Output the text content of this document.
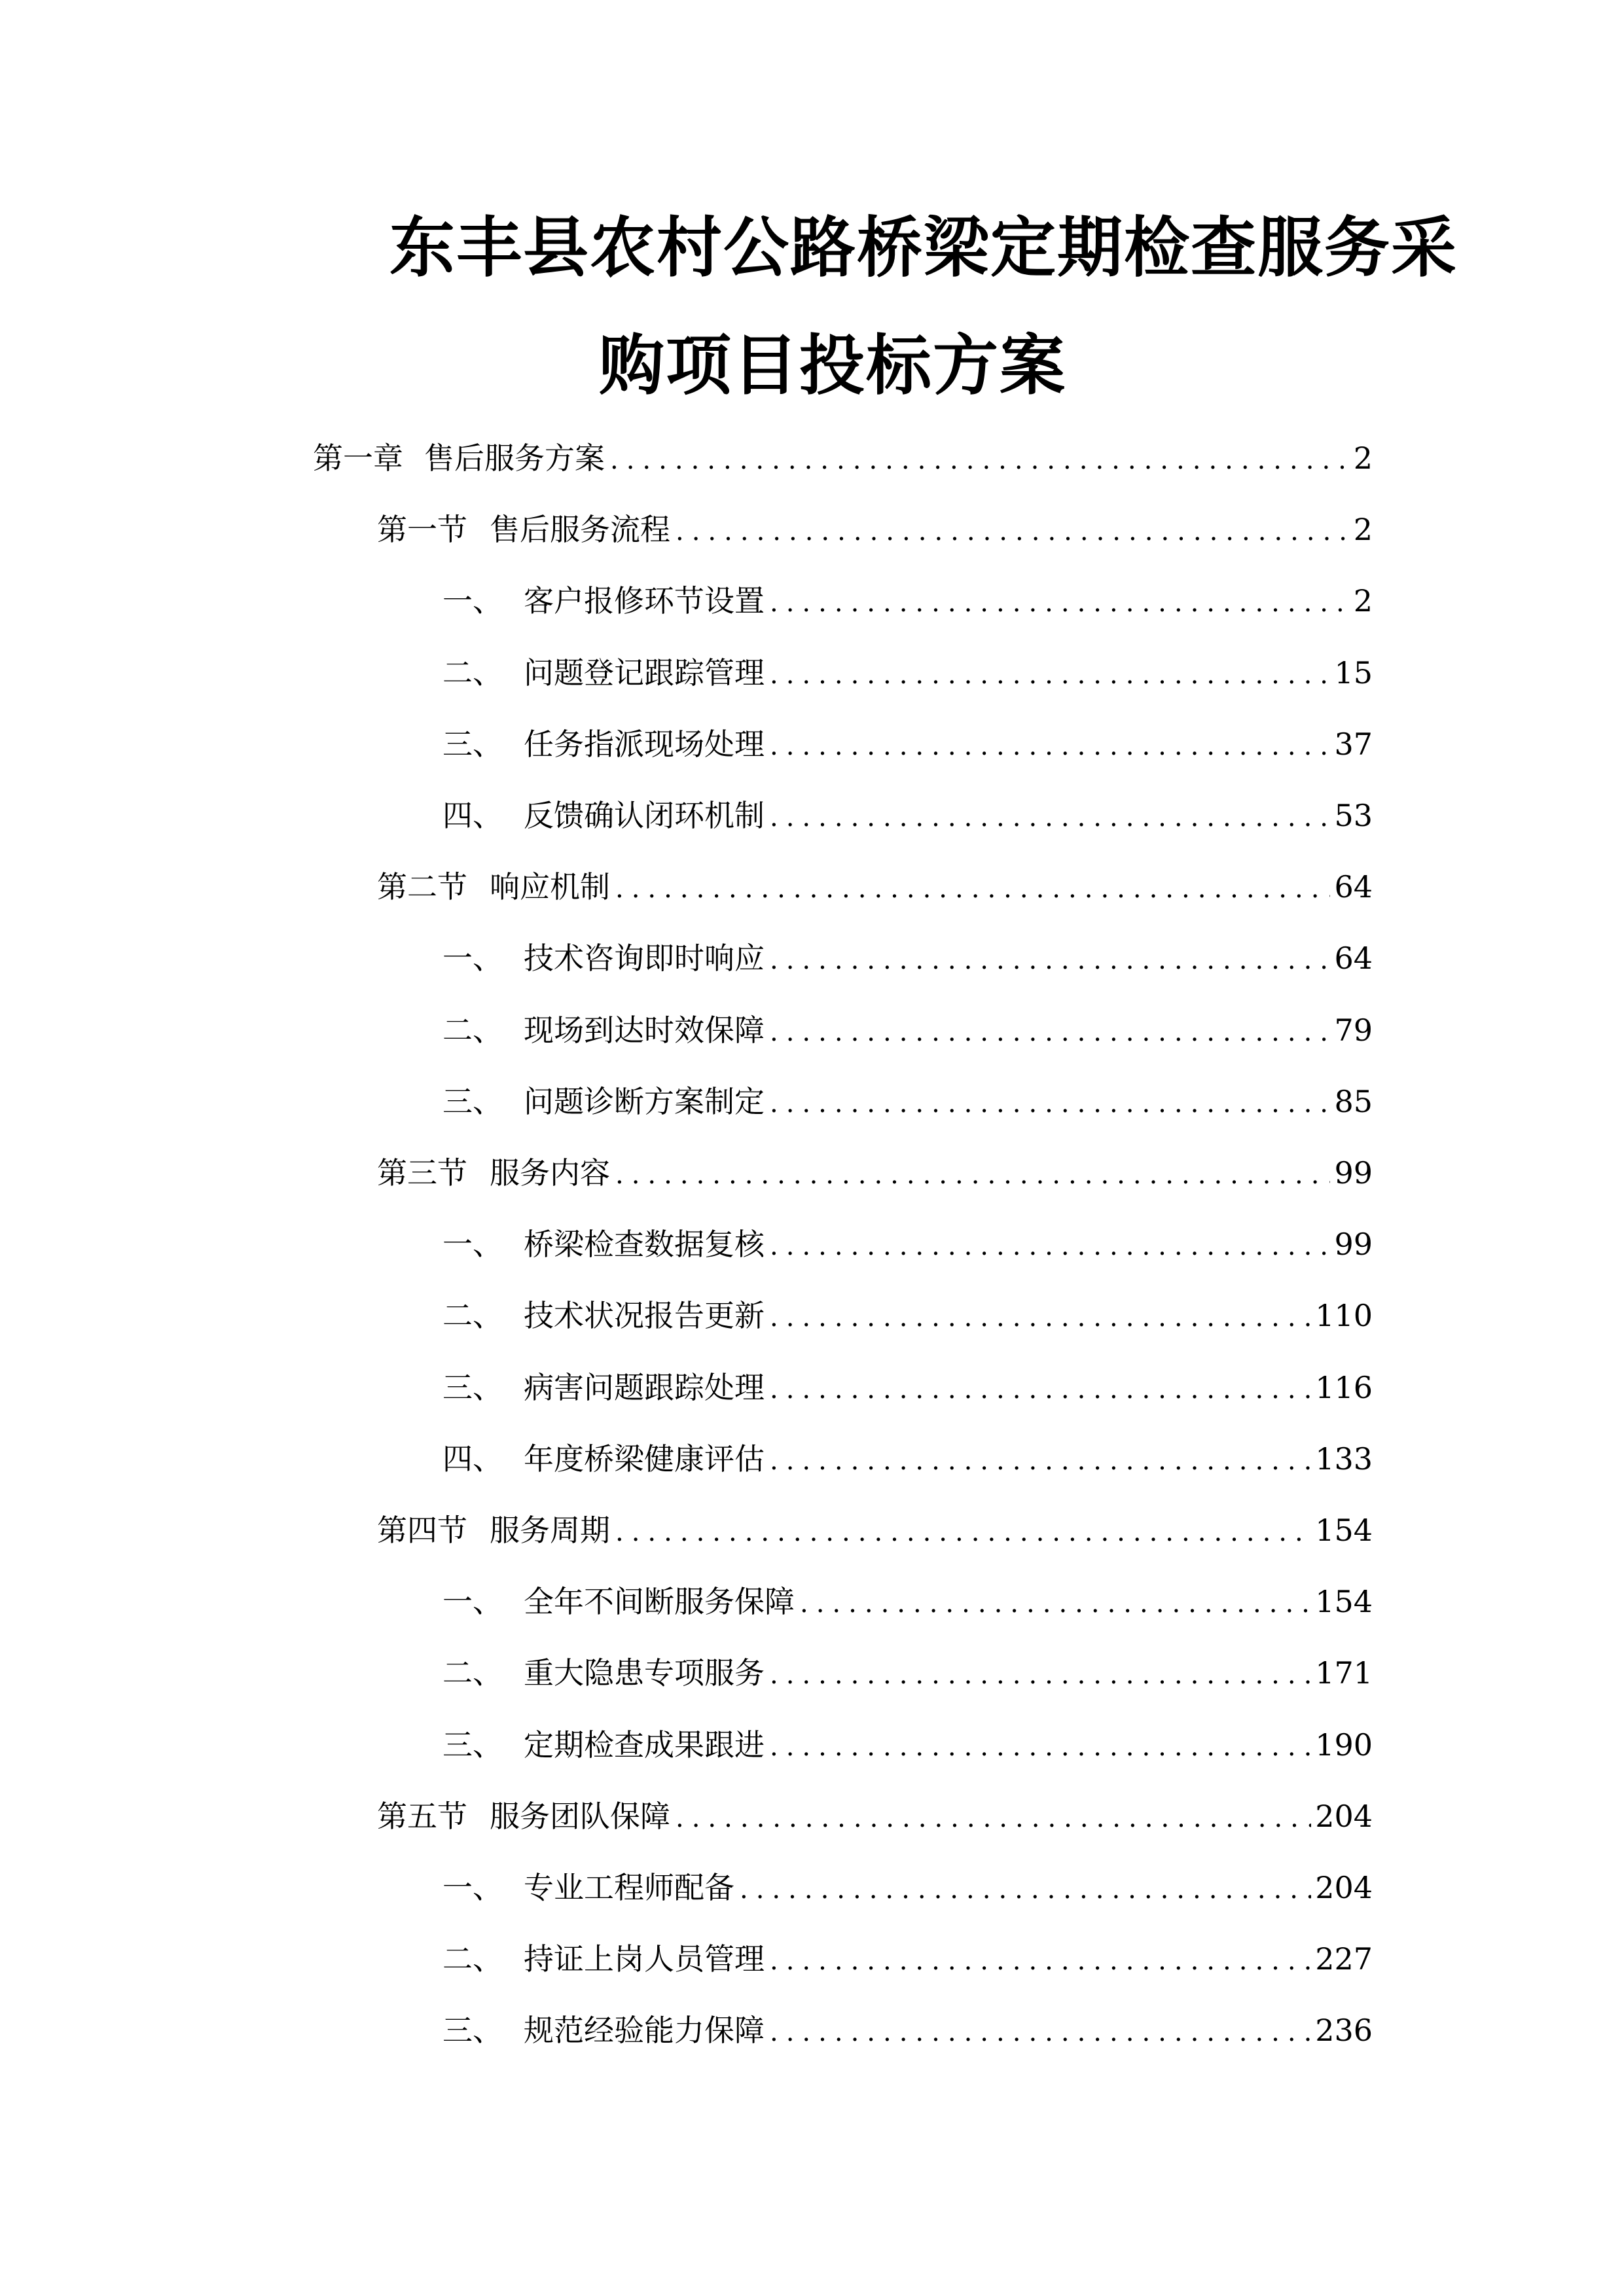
东丰县农村公路桥梁定期检查服务采
购项目投标方案
第一章 售后服务方案 .....	2
第一节 售后服务流程 .....	2
一、 客户报修环节设置 .....	2
二、 问题登记跟踪管理 .....	15
三、 任务指派现场处理 .....	37
四、 反馈确认闭环机制 .....	53
第二节 响应机制 .....	64
一、 技术咨询即时响应 .....	64
二、 现场到达时效保障 .....	79
三、 问题诊断方案制定 .....	85
第三节 服务内容 .....	99
一、 桥梁检查数据复核 .....	99
二、 技术状况报告更新 .....	110
三、 病害问题跟踪处理 .....	116
四、 年度桥梁健康评估 .....	133
第四节 服务周期 .....	154
一、 全年不间断服务保障 .....	154
二、 重大隐患专项服务 .....	171
三、 定期检查成果跟进 .....	190
第五节 服务团队保障 .....	204
一、 专业工程师配备 .....	204
二、 持证上岗人员管理 .....	227
三、 规范经验能力保障 .....	236
